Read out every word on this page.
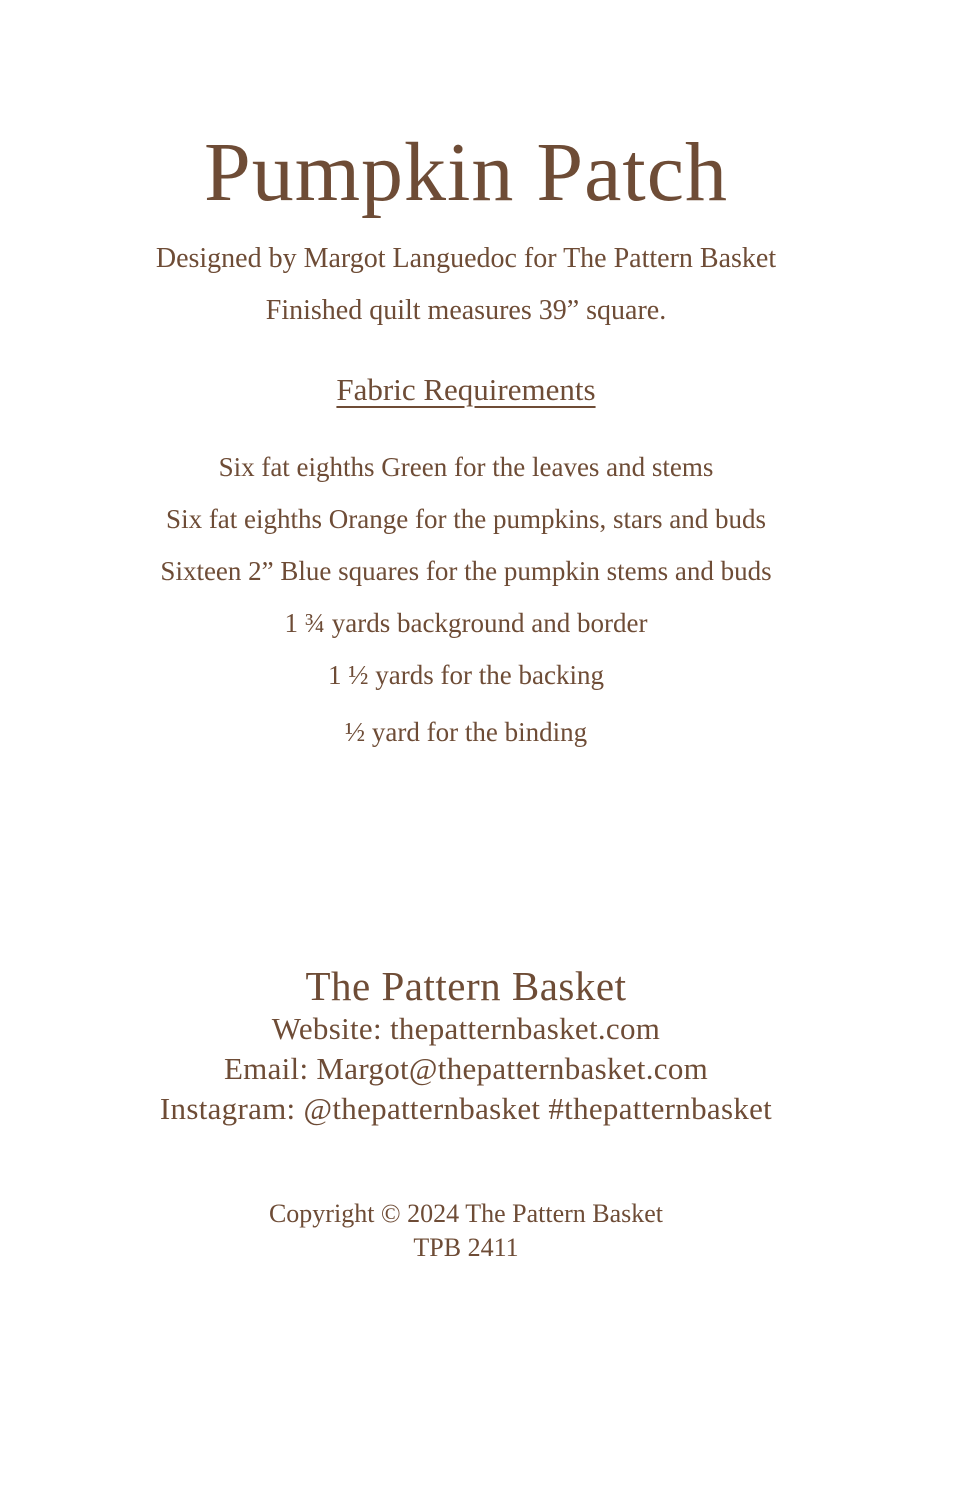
Pumpkin Patch
Designed by Margot Languedoc for The Pattern Basket
Finished quilt measures 39” square.
Fabric Requirements
Six fat eighths Green for the leaves and stems
Six fat eighths Orange for the pumpkins, stars and buds
Sixteen 2” Blue squares for the pumpkin stems and buds
1 ¾ yards background and border
1 ½ yards for the backing
½ yard for the binding
The Pattern Basket
Website: thepatternbasket.com
Email: Margot@thepatternbasket.com
Instagram: @thepatternbasket #thepatternbasket
Copyright © 2024 The Pattern Basket
TPB 2411
